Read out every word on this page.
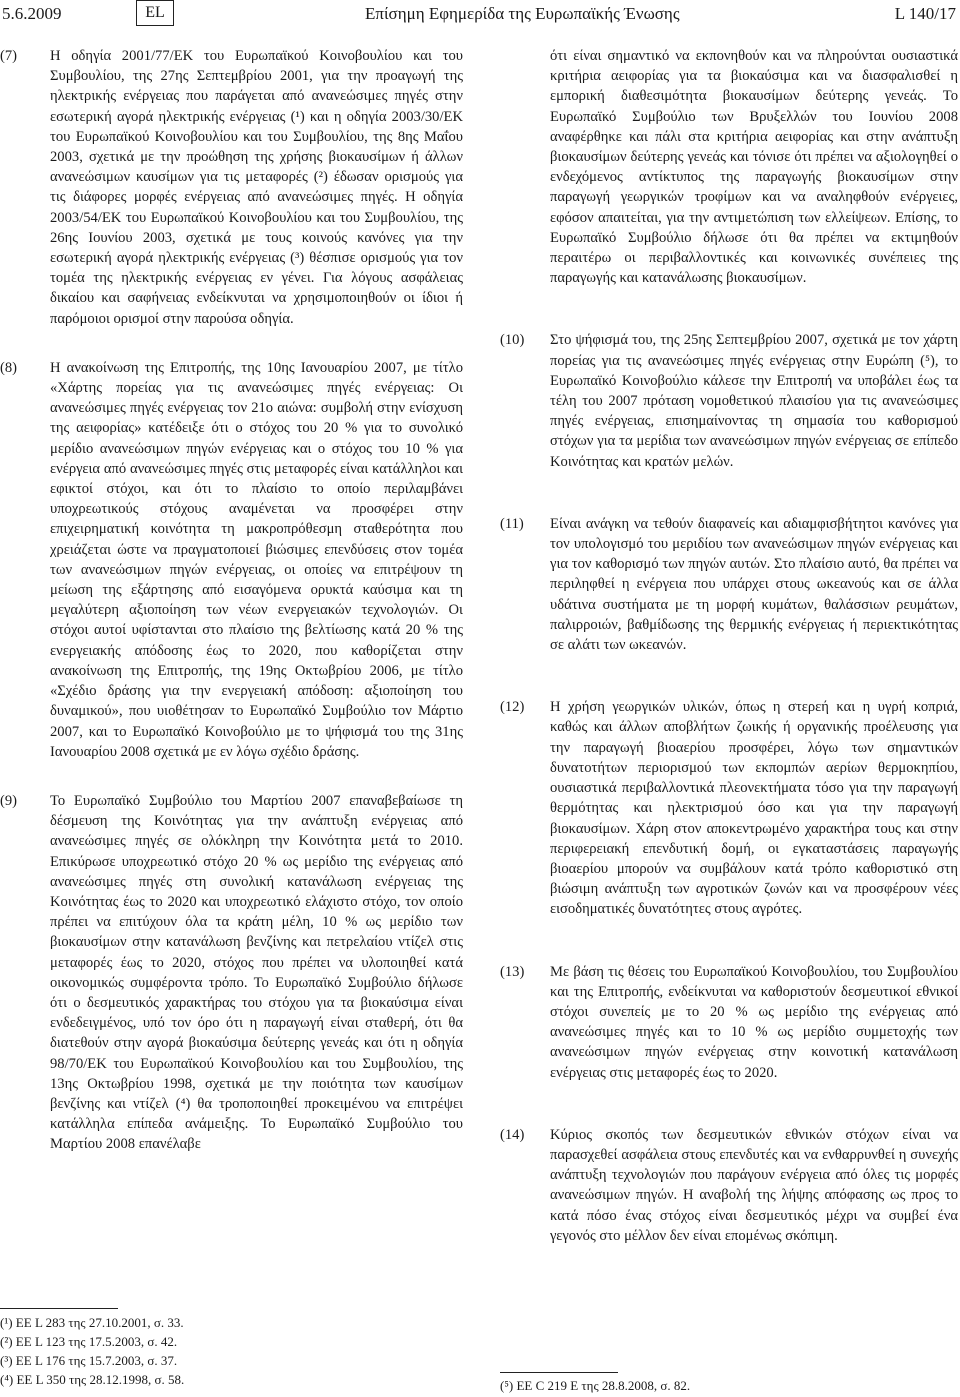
5.6.2009	EL	Επίσημη Εφημερίδα της Ευρωπαϊκής Ένωσης	L 140/17
(7)	Η οδηγία 2001/77/ΕΚ του Ευρωπαϊκού Κοινοβουλίου και του Συμβουλίου, της 27ης Σεπτεμβρίου 2001, για την προαγωγή της ηλεκτρικής ενέργειας που παράγεται από ανανεώσιμες πηγές στην εσωτερική αγορά ηλεκτρικής ενέργειας (¹) και η οδηγία 2003/30/ΕΚ του Ευρωπαϊκού Κοινοβουλίου και του Συμβουλίου, της 8ης Μαΐου 2003, σχετικά με την προώθηση της χρήσης βιοκαυσίμων ή άλλων ανανεώσιμων καυσίμων για τις μεταφορές (²) έδωσαν ορισμούς για τις διάφορες μορφές ενέργειας από ανανεώσιμες πηγές. Η οδηγία 2003/54/ΕΚ του Ευρωπαϊκού Κοινοβουλίου και του Συμβουλίου, της 26ης Ιουνίου 2003, σχετικά με τους κοινούς κανόνες για την εσωτερική αγορά ηλεκτρικής ενέργειας (³) θέσπισε ορισμούς για τον τομέα της ηλεκτρικής ενέργειας εν γένει. Για λόγους ασφάλειας δικαίου και σαφήνειας ενδείκνυται να χρησιμοποιηθούν οι ίδιοι ή παρόμοιοι ορισμοί στην παρούσα οδηγία.
(8)	Η ανακοίνωση της Επιτροπής, της 10ης Ιανουαρίου 2007, με τίτλο «Χάρτης πορείας για τις ανανεώσιμες πηγές ενέργειας: Οι ανανεώσιμες πηγές ενέργειας τον 21ο αιώνα: συμβολή στην ενίσχυση της αειφορίας» κατέδειξε ότι ο στόχος του 20 % για το συνολικό μερίδιο ανανεώσιμων πηγών ενέργειας και ο στόχος του 10 % για ενέργεια από ανανεώσιμες πηγές στις μεταφορές είναι κατάλληλοι και εφικτοί στόχοι, και ότι το πλαίσιο το οποίο περιλαμβάνει υποχρεωτικούς στόχους αναμένεται να προσφέρει στην επιχειρηματική κοινότητα τη μακροπρόθεσμη σταθερότητα που χρειάζεται ώστε να πραγματοποιεί βιώσιμες επενδύσεις στον τομέα των ανανεώσιμων πηγών ενέργειας, οι οποίες να επιτρέψουν τη μείωση της εξάρτησης από εισαγόμενα ορυκτά καύσιμα και τη μεγαλύτερη αξιοποίηση των νέων ενεργειακών τεχνολογιών. Οι στόχοι αυτοί υφίστανται στο πλαίσιο της βελτίωσης κατά 20 % της ενεργειακής απόδοσης έως το 2020, που καθορίζεται στην ανακοίνωση της Επιτροπής, της 19ης Οκτωβρίου 2006, με τίτλο «Σχέδιο δράσης για την ενεργειακή απόδοση: αξιοποίηση του δυναμικού», που υιοθέτησαν το Ευρωπαϊκό Συμβούλιο τον Μάρτιο 2007, και το Ευρωπαϊκό Κοινοβούλιο με το ψήφισμά του της 31ης Ιανουαρίου 2008 σχετικά με εν λόγω σχέδιο δράσης.
(9)	Το Ευρωπαϊκό Συμβούλιο του Μαρτίου 2007 επαναβεβαίωσε τη δέσμευση της Κοινότητας για την ανάπτυξη ενέργειας από ανανεώσιμες πηγές σε ολόκληρη την Κοινότητα μετά το 2010. Επικύρωσε υποχρεωτικό στόχο 20 % ως μερίδιο της ενέργειας από ανανεώσιμες πηγές στη συνολική κατανάλωση ενέργειας της Κοινότητας έως το 2020 και υποχρεωτικό ελάχιστο στόχο, τον οποίο πρέπει να επιτύχουν όλα τα κράτη μέλη, 10 % ως μερίδιο των βιοκαυσίμων στην κατανάλωση βενζίνης και πετρελαίου ντίζελ στις μεταφορές έως το 2020, στόχος που πρέπει να υλοποιηθεί κατά οικονομικώς συμφέροντα τρόπο. Το Ευρωπαϊκό Συμβούλιο δήλωσε ότι ο δεσμευτικός χαρακτήρας του στόχου για τα βιοκαύσιμα είναι ενδεδειγμένος, υπό τον όρο ότι η παραγωγή είναι σταθερή, ότι θα διατεθούν στην αγορά βιοκαύσιμα δεύτερης γενεάς και ότι η οδηγία 98/70/ΕΚ του Ευρωπαϊκού Κοινοβουλίου και του Συμβουλίου, της 13ης Οκτωβρίου 1998, σχετικά με την ποιότητα των καυσίμων βενζίνης και ντίζελ (⁴) θα τροποποιηθεί προκειμένου να επιτρέψει κατάλληλα επίπεδα ανάμειξης. Το Ευρωπαϊκό Συμβούλιο του Μαρτίου 2008 επανέλαβε
(¹) ΕΕ L 283 της 27.10.2001, σ. 33.
(²) ΕΕ L 123 της 17.5.2003, σ. 42.
(³) ΕΕ L 176 της 15.7.2003, σ. 37.
(⁴) ΕΕ L 350 της 28.12.1998, σ. 58.
ότι είναι σημαντικό να εκπονηθούν και να πληρούνται ουσιαστικά κριτήρια αειφορίας για τα βιοκαύσιμα και να διασφαλισθεί η εμπορική διαθεσιμότητα βιοκαυσίμων δεύτερης γενεάς. Το Ευρωπαϊκό Συμβούλιο των Βρυξελλών του Ιουνίου 2008 αναφέρθηκε και πάλι στα κριτήρια αειφορίας και στην ανάπτυξη βιοκαυσίμων δεύτερης γενεάς και τόνισε ότι πρέπει να αξιολογηθεί ο ενδεχόμενος αντίκτυπος της παραγωγής βιοκαυσίμων στην παραγωγή γεωργικών τροφίμων και να αναληφθούν ενέργειες, εφόσον απαιτείται, για την αντιμετώπιση των ελλείψεων. Επίσης, το Ευρωπαϊκό Συμβούλιο δήλωσε ότι θα πρέπει να εκτιμηθούν περαιτέρω οι περιβαλλοντικές και κοινωνικές συνέπειες της παραγωγής και κατανάλωσης βιοκαυσίμων.
(10)	Στο ψήφισμά του, της 25ης Σεπτεμβρίου 2007, σχετικά με τον χάρτη πορείας για τις ανανεώσιμες πηγές ενέργειας στην Ευρώπη (⁵), το Ευρωπαϊκό Κοινοβούλιο κάλεσε την Επιτροπή να υποβάλει έως τα τέλη του 2007 πρόταση νομοθετικού πλαισίου για τις ανανεώσιμες πηγές ενέργειας, επισημαίνοντας τη σημασία του καθορισμού στόχων για τα μερίδια των ανανεώσιμων πηγών ενέργειας σε επίπεδο Κοινότητας και κρατών μελών.
(11)	Είναι ανάγκη να τεθούν διαφανείς και αδιαμφισβήτητοι κανόνες για τον υπολογισμό του μεριδίου των ανανεώσιμων πηγών ενέργειας και για τον καθορισμό των πηγών αυτών. Στο πλαίσιο αυτό, θα πρέπει να περιληφθεί η ενέργεια που υπάρχει στους ωκεανούς και σε άλλα υδάτινα συστήματα με τη μορφή κυμάτων, θαλάσσιων ρευμάτων, παλιρροιών, βαθμίδωσης της θερμικής ενέργειας ή περιεκτικότητας σε αλάτι των ωκεανών.
(12)	Η χρήση γεωργικών υλικών, όπως η στερεή και η υγρή κοπριά, καθώς και άλλων αποβλήτων ζωικής ή οργανικής προέλευσης για την παραγωγή βιοαερίου προσφέρει, λόγω των σημαντικών δυνατοτήτων περιορισμού των εκπομπών αερίων θερμοκηπίου, ουσιαστικά περιβαλλοντικά πλεονεκτήματα τόσο για την παραγωγή θερμότητας και ηλεκτρισμού όσο και για την παραγωγή βιοκαυσίμων. Χάρη στον αποκεντρωμένο χαρακτήρα τους και στην περιφερειακή επενδυτική δομή, οι εγκαταστάσεις παραγωγής βιοαερίου μπορούν να συμβάλουν κατά τρόπο καθοριστικό στη βιώσιμη ανάπτυξη των αγροτικών ζωνών και να προσφέρουν νέες εισοδηματικές δυνατότητες στους αγρότες.
(13)	Με βάση τις θέσεις του Ευρωπαϊκού Κοινοβουλίου, του Συμβουλίου και της Επιτροπής, ενδείκνυται να καθοριστούν δεσμευτικοί εθνικοί στόχοι συνεπείς με το 20 % ως μερίδιο της ενέργειας από ανανεώσιμες πηγές και το 10 % ως μερίδιο συμμετοχής των ανανεώσιμων πηγών ενέργειας στην κοινοτική κατανάλωση ενέργειας στις μεταφορές έως το 2020.
(14)	Κύριος σκοπός των δεσμευτικών εθνικών στόχων είναι να παρασχεθεί ασφάλεια στους επενδυτές και να ενθαρρυνθεί η συνεχής ανάπτυξη τεχνολογιών που παράγουν ενέργεια από όλες τις μορφές ανανεώσιμων πηγών. Η αναβολή της λήψης απόφασης ως προς το κατά πόσο ένας στόχος είναι δεσμευτικός μέχρι να συμβεί ένα γεγονός στο μέλλον δεν είναι επομένως σκόπιμη.
(⁵) ΕΕ C 219 Ε της 28.8.2008, σ. 82.
